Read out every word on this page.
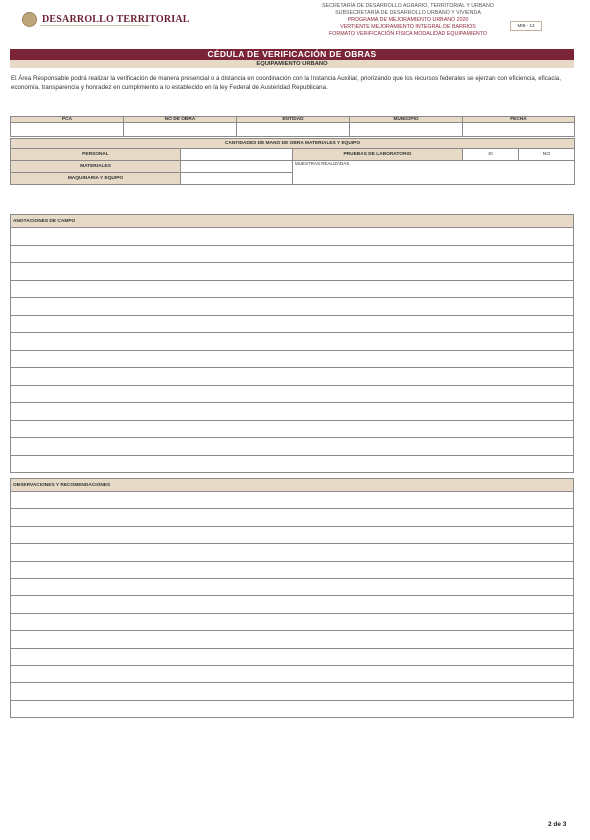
DESARROLLO TERRITORIAL
SECRETARÍA DE DESARROLLO AGRARIO, TERRITORIAL Y URBANO
SUBSECRETARÍA DE DESARROLLO URBANO Y VIVIENDA
PROGRAMA DE MEJORAMIENTO URBANO 2020
VERTIENTE MEJORAMIENTO INTEGRAL DE BARRIOS
FORMATO VERIFICACIÓN FÍSICA MODALIDAD EQUIPAMIENTO
MIB - 13
CÉDULA DE VERIFICACIÓN DE OBRAS
EQUIPAMIENTO URBANO
El Área Responsable podrá realizar la verificación de manera presencial o a distancia en coordinación con la Instancia Auxiliar, priorizando que los recursos federales se ejerzan con eficiencia, eficacia, economía, transparencia y honradez en cumplimiento a lo establecido en la ley Federal de Austeridad Republicana.
PCA	NO DE OBRA	ENTIDAD	MUNICIPIO	FECHA

CANTIDADES DE MANO DE OBRA MATERIALES Y EQUIPO				
PERSONAL		PRUEBAS DE LABORATORIO	SI	NO
MATERIALES		MUESTRAS REALIZADAS		
MAQUINARIA Y EQUIPO				
ANOTACIONES DE CAMPO
OBSERVACIONES Y RECOMENDACIONES
2 de 3
